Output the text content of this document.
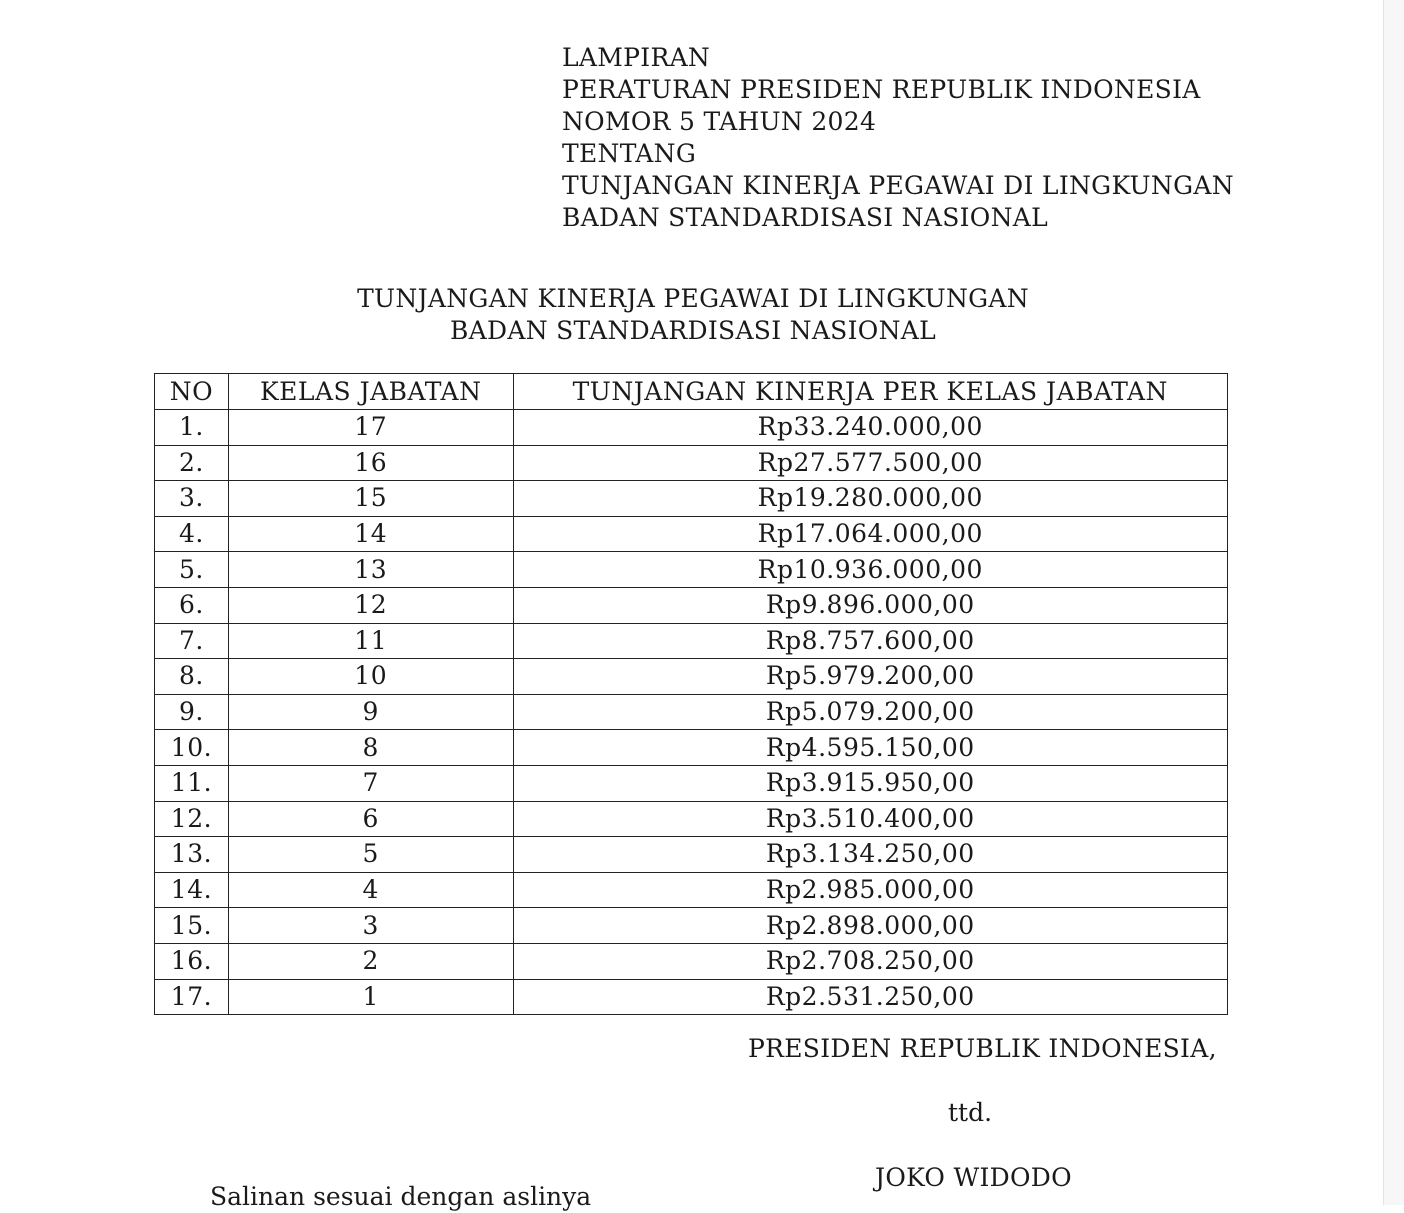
LAMPIRAN
PERATURAN PRESIDEN REPUBLIK INDONESIA
NOMOR 5 TAHUN 2024
TENTANG
TUNJANGAN KINERJA PEGAWAI DI LINGKUNGAN
BADAN STANDARDISASI NASIONAL
TUNJANGAN KINERJA PEGAWAI DI LINGKUNGAN
BADAN STANDARDISASI NASIONAL
NO	KELAS JABATAN	TUNJANGAN KINERJA PER KELAS JABATAN
1.	17	Rp33.240.000,00
2.	16	Rp27.577.500,00
3.	15	Rp19.280.000,00
4.	14	Rp17.064.000,00
5.	13	Rp10.936.000,00
6.	12	Rp9.896.000,00
7.	11	Rp8.757.600,00
8.	10	Rp5.979.200,00
9.	9	Rp5.079.200,00
10.	8	Rp4.595.150,00
11.	7	Rp3.915.950,00
12.	6	Rp3.510.400,00
13.	5	Rp3.134.250,00
14.	4	Rp2.985.000,00
15.	3	Rp2.898.000,00
16.	2	Rp2.708.250,00
17.	1	Rp2.531.250,00
PRESIDEN REPUBLIK INDONESIA,
ttd.
JOKO WIDODO
Salinan sesuai dengan aslinya
